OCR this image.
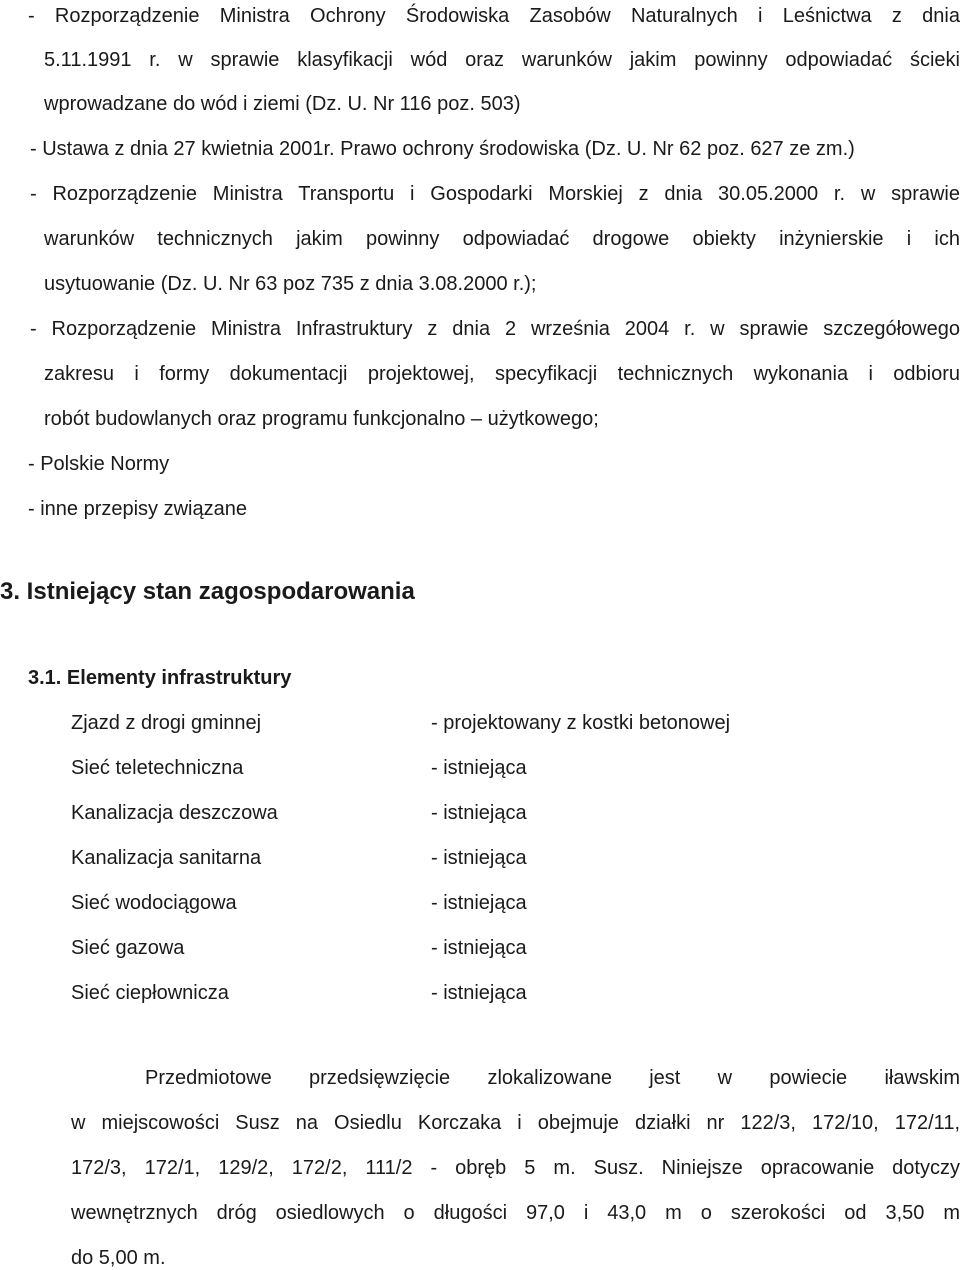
- Rozporządzenie Ministra Ochrony Środowiska Zasobów Naturalnych i Leśnictwa z dnia
5.11.1991 r. w sprawie klasyfikacji wód oraz warunków jakim powinny odpowiadać ścieki
wprowadzane do wód i ziemi (Dz. U. Nr 116 poz. 503)
- Ustawa z dnia 27 kwietnia 2001r. Prawo ochrony środowiska (Dz. U. Nr 62 poz. 627 ze zm.)
- Rozporządzenie Ministra Transportu i Gospodarki Morskiej z dnia 30.05.2000 r. w sprawie
warunków technicznych jakim powinny odpowiadać drogowe obiekty inżynierskie i ich
usytuowanie (Dz. U. Nr 63 poz 735 z dnia 3.08.2000 r.);
- Rozporządzenie Ministra Infrastruktury z dnia 2 września 2004 r. w sprawie szczegółowego
zakresu i formy dokumentacji projektowej, specyfikacji technicznych wykonania i odbioru
robót budowlanych oraz programu funkcjonalno – użytkowego;
- Polskie Normy
- inne przepisy związane
3. Istniejący stan zagospodarowania
3.1. Elementy infrastruktury
Zjazd z drogi gminnej	- projektowany z kostki betonowej
Sieć teletechniczna	- istniejąca
Kanalizacja deszczowa	- istniejąca
Kanalizacja sanitarna	- istniejąca
Sieć wodociągowa	- istniejąca
Sieć gazowa	- istniejąca
Sieć ciepłownicza	- istniejąca
Przedmiotowe przedsięwzięcie zlokalizowane jest w powiecie iławskim
w miejscowości Susz na Osiedlu Korczaka i obejmuje działki nr 122/3, 172/10, 172/11,
172/3, 172/1, 129/2, 172/2, 111/2 - obręb 5 m. Susz. Niniejsze opracowanie dotyczy
wewnętrznych dróg osiedlowych o długości 97,0 i 43,0 m o szerokości od 3,50 m
do 5,00 m.
